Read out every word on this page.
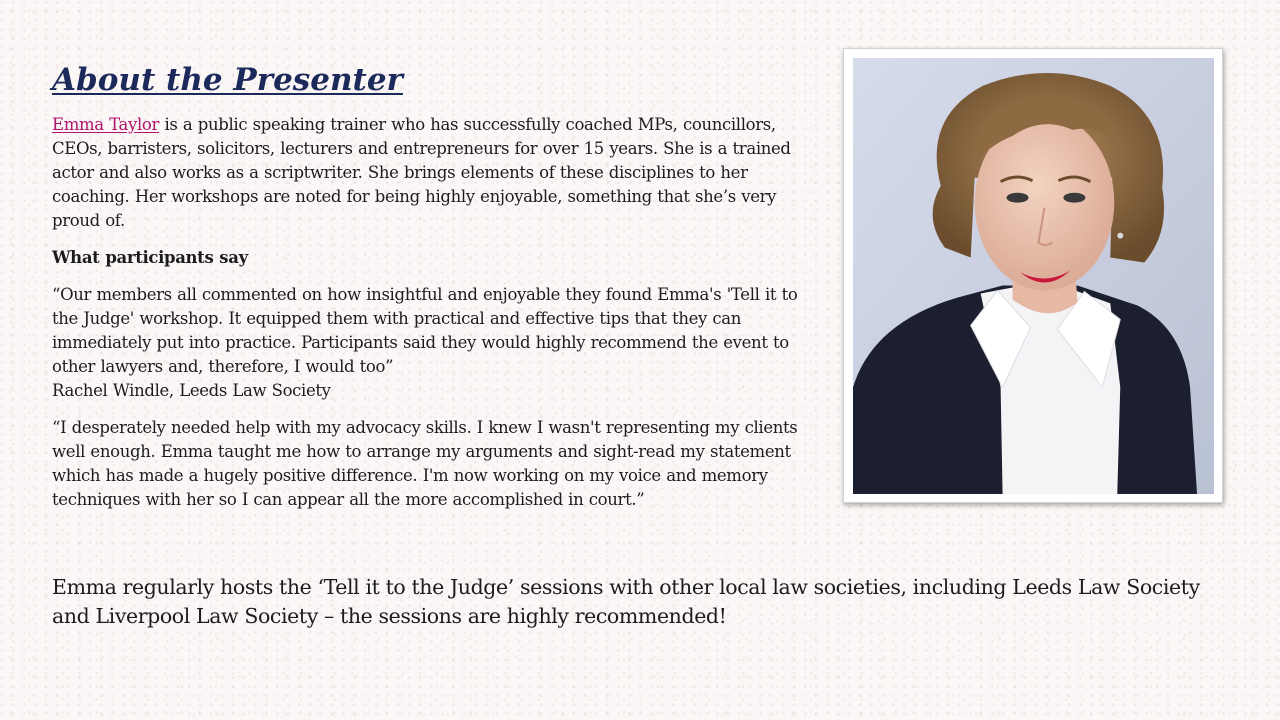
About the Presenter

Emma Taylor is a public speaking trainer who has successfully coached MPs, councillors, CEOs, barristers, solicitors, lecturers and entrepreneurs for over 15 years. She is a trained actor and also works as a scriptwriter. She brings elements of these disciplines to her coaching. Her workshops are noted for being highly enjoyable, something that she’s very proud of.

What participants say

“Our members all commented on how insightful and enjoyable they found Emma's 'Tell it to the Judge' workshop. It equipped them with practical and effective tips that they can immediately put into practice. Participants said they would highly recommend the event to other lawyers and, therefore, I would too”
Rachel Windle, Leeds Law Society

“I desperately needed help with my advocacy skills. I knew I wasn't representing my clients well enough. Emma taught me how to arrange my arguments and sight-read my statement which has made a hugely positive difference. I'm now working on my voice and memory techniques with her so I can appear all the more accomplished in court.”

Emma regularly hosts the ‘Tell it to the Judge’ sessions with other local law societies, including Leeds Law Society and Liverpool Law Society – the sessions are highly recommended!
